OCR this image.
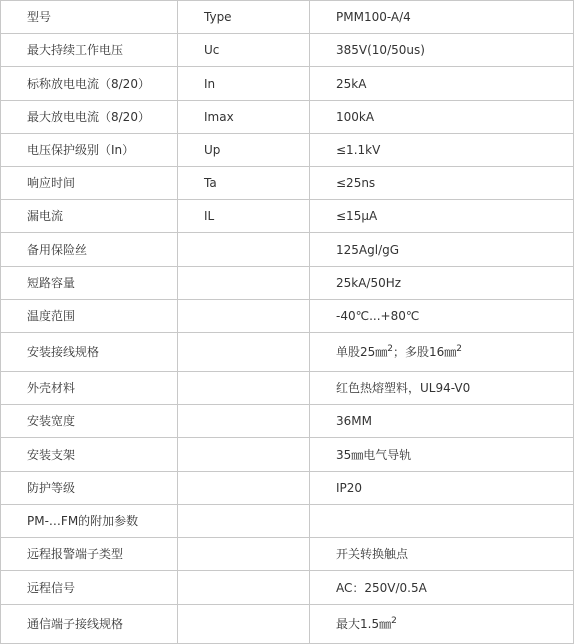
型号	Type	PMM100-A/4
最大持续工作电压	Uc	385V(10/50us)
标称放电电流（8/20）	In	25kA
最大放电电流（8/20）	Imax	100kA
电压保护级别（In）	Up	≤1.1kV
响应时间	Ta	≤25ns
漏电流	IL	≤15μA
备用保险丝		125Agl/gG
短路容量		25kA/50Hz
温度范围		-40℃...+80℃
安装接线规格		单股25㎜$^2$；多股16㎜$^2$
外壳材料		红色热熔塑料，UL94-V0
安装宽度		36MM
安装支架		35㎜电气导轨
防护等级		IP20
PM-…FM的附加参数		
远程报警端子类型		开关转换触点
远程信号		AC：250V/0.5A
通信端子接线规格		最大1.5㎜$^2$
